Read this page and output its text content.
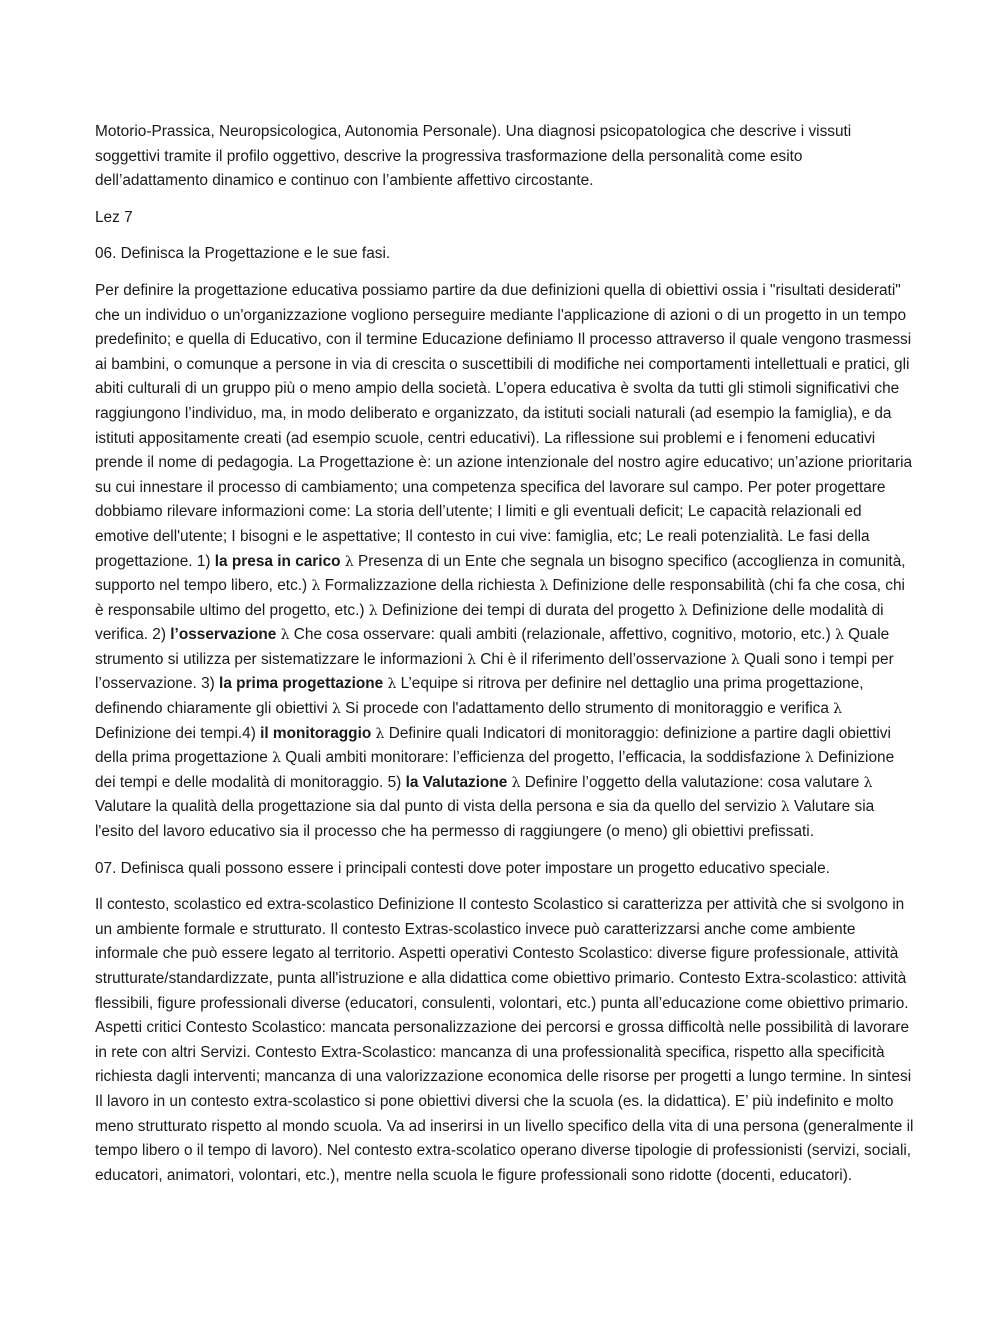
Motorio-Prassica, Neuropsicologica, Autonomia Personale). Una diagnosi psicopatologica che descrive i vissuti soggettivi tramite il profilo oggettivo, descrive la progressiva trasformazione della personalità come esito dell’adattamento dinamico e continuo con l’ambiente affettivo circostante.

Lez 7

06. Definisca la Progettazione e le sue fasi.

Per definire la progettazione educativa possiamo partire da due definizioni quella di obiettivi ossia i "risultati desiderati" che un individuo o un'organizzazione vogliono perseguire mediante l'applicazione di azioni o di un progetto in un tempo predefinito; e quella di Educativo, con il termine Educazione definiamo Il processo attraverso il quale vengono trasmessi ai bambini, o comunque a persone in via di crescita o suscettibili di modifiche nei comportamenti intellettuali e pratici, gli abiti culturali di un gruppo più o meno ampio della società. L’opera educativa è svolta da tutti gli stimoli significativi che raggiungono l’individuo, ma, in modo deliberato e organizzato, da istituti sociali naturali (ad esempio la famiglia), e da istituti appositamente creati (ad esempio scuole, centri educativi). La riflessione sui problemi e i fenomeni educativi prende il nome di pedagogia. La Progettazione è: un azione intenzionale del nostro agire educativo; un’azione prioritaria su cui innestare il processo di cambiamento; una competenza specifica del lavorare sul campo. Per poter progettare dobbiamo rilevare informazioni come: La storia dell’utente; I limiti e gli eventuali deficit; Le capacità relazionali ed emotive dell'utente; I bisogni e le aspettative; Il contesto in cui vive: famiglia, etc; Le reali potenzialità. Le fasi della progettazione. 1) la presa in carico λ Presenza di un Ente che segnala un bisogno specifico (accoglienza in comunità, supporto nel tempo libero, etc.) λ Formalizzazione della richiesta λ Definizione delle responsabilità (chi fa che cosa, chi è responsabile ultimo del progetto, etc.) λ Definizione dei tempi di durata del progetto λ Definizione delle modalità di verifica. 2) l’osservazione λ Che cosa osservare: quali ambiti (relazionale, affettivo, cognitivo, motorio, etc.) λ Quale strumento si utilizza per sistematizzare le informazioni λ Chi è il riferimento dell’osservazione λ Quali sono i tempi per l’osservazione. 3) la prima progettazione λ L’equipe si ritrova per definire nel dettaglio una prima progettazione, definendo chiaramente gli obiettivi λ Si procede con l'adattamento dello strumento di monitoraggio e verifica λ Definizione dei tempi.4) il monitoraggio λ Definire quali Indicatori di monitoraggio: definizione a partire dagli obiettivi della prima progettazione λ Quali ambiti monitorare: l’efficienza del progetto, l’efficacia, la soddisfazione λ Definizione dei tempi e delle modalità di monitoraggio. 5) la Valutazione λ Definire l’oggetto della valutazione: cosa valutare λ Valutare la qualità della progettazione sia dal punto di vista della persona e sia da quello del servizio λ Valutare sia l'esito del lavoro educativo sia il processo che ha permesso di raggiungere (o meno) gli obiettivi prefissati.

07. Definisca quali possono essere i principali contesti dove poter impostare un progetto educativo speciale.

Il contesto, scolastico ed extra-scolastico Definizione Il contesto Scolastico si caratterizza per attività che si svolgono in un ambiente formale e strutturato. Il contesto Extras-scolastico invece può caratterizzarsi anche come ambiente informale che può essere legato al territorio. Aspetti operativi Contesto Scolastico: diverse figure professionale, attività strutturate/standardizzate, punta all'istruzione e alla didattica come obiettivo primario. Contesto Extra-scolastico: attività flessibili, figure professionali diverse (educatori, consulenti, volontari, etc.) punta all’educazione come obiettivo primario. Aspetti critici Contesto Scolastico: mancata personalizzazione dei percorsi e grossa difficoltà nelle possibilità di lavorare in rete con altri Servizi. Contesto Extra-Scolastico: mancanza di una professionalità specifica, rispetto alla specificità richiesta dagli interventi; mancanza di una valorizzazione economica delle risorse per progetti a lungo termine. In sintesi Il lavoro in un contesto extra-scolastico si pone obiettivi diversi che la scuola (es. la didattica). E’ più indefinito e molto meno strutturato rispetto al mondo scuola. Va ad inserirsi in un livello specifico della vita di una persona (generalmente il tempo libero o il tempo di lavoro). Nel contesto extra-scolatico operano diverse tipologie di professionisti (servizi, sociali, educatori, animatori, volontari, etc.), mentre nella scuola le figure professionali sono ridotte (docenti, educatori).
